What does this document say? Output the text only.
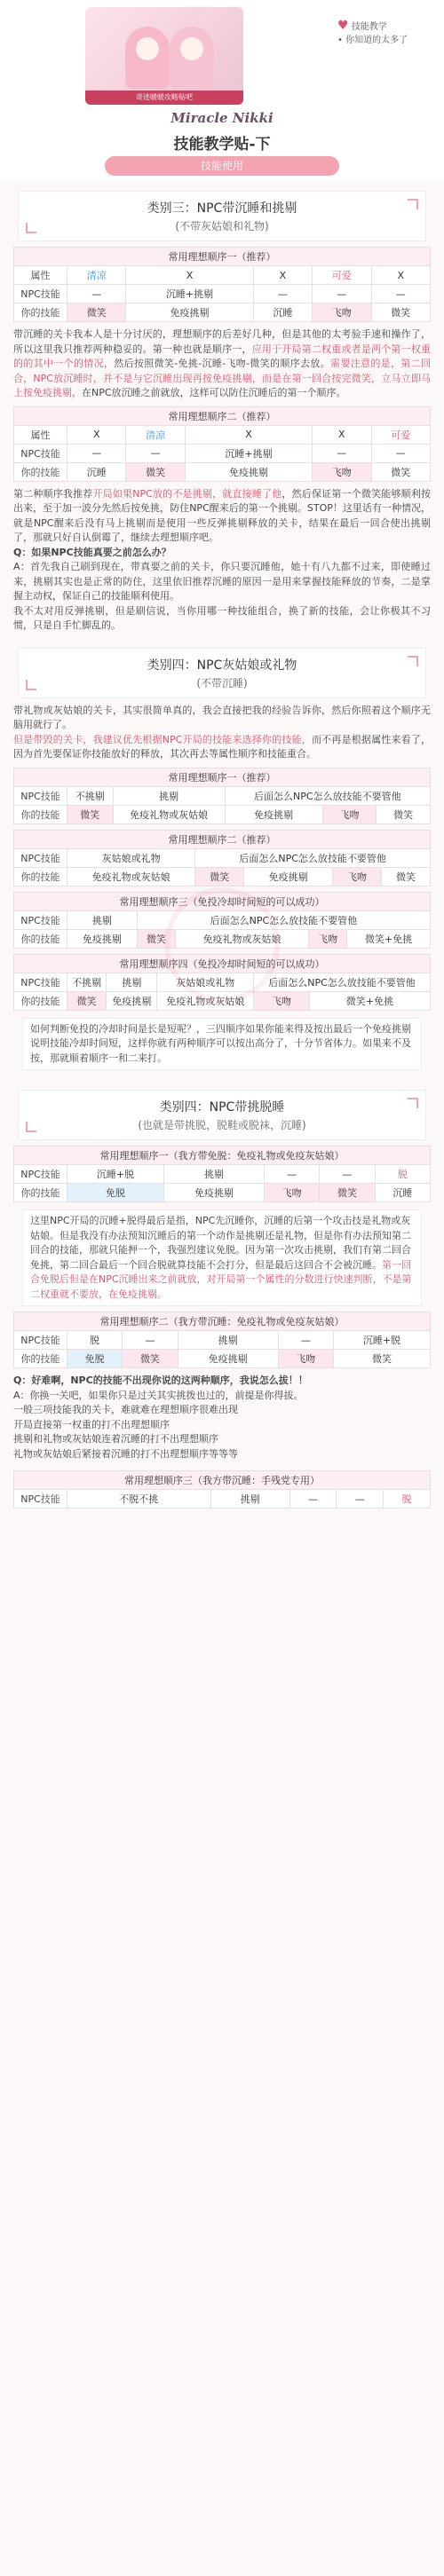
奇迹暖暖攻略贴吧
♥ 技能教学
• 你知道的太多了
Miracle Nikki
技能教学贴-下
技能使用
类别三：NPC带沉睡和挑剔
(不带灰姑娘和礼物)
常用理想顺序一（推荐）					
属性	清凉	X	X	可爱	X
NPC技能	—	沉睡+挑剔	—	—	—
你的技能	微笑	免疫挑剔	沉睡	飞吻	微笑

带沉睡的关卡我本人是十分讨厌的，理想顺序的后差好几种，但是其他的太考验手速和操作了，所以这里我只推荐两种稳妥的。第一种也就是顺序一，应用于开局第二权重或者是两个第一权重的的其中一个的情况，然后按照微笑-免挑-沉睡-飞吻-微笑的顺序去放。需要注意的是，第二回合，NPC放沉睡时，并不是与它沉睡出现再按免疫挑剔，而是在第一回合按完微笑，立马立即马上按免疫挑剔，在NPC放沉睡之前就放，这样可以防住沉睡后的第一个顺序。

常用理想顺序二（推荐）					
属性	X	清凉	X	X	可爱
NPC技能	—	—	沉睡+挑剔	—	—
你的技能	沉睡	微笑	免疫挑剔	飞吻	微笑

第二种顺序我推荐开局如果NPC放的不是挑剔，就直接睡了他，然后保证第一个微笑能够顺利按出来，至于加一波分先然后按免挑，防住NPC醒来后的第一个挑剔。STOP！这里话有一种情况，就是NPC醒来后没有马上挑剔而是使用一些反弹挑剔释放的关卡，结果在最后一回合使出挑剔了，那就只好自认倒霉了，继续去理想顺序吧。
Q：如果NPC技能真要之前怎么办？
A：首先我自己刷到现在，带真要之前的关卡，你只要沉睡他，她十有八九都不过来，即使睡过来，挑剔其实也是正常的防住，这里依旧推荐沉睡的原因一是用来掌握技能释放的节奏，二是掌握主动权，保证自己的技能顺利使用。
我不太对用反弹挑剔，但是刷信说，当你用哪一种技能组合，换了新的技能，会让你极其不习惯，只是自手忙脚乱的。

类别四：NPC灰姑娘或礼物
(不带沉睡)

带礼物或灰姑娘的关卡，其实很简单真的，我会直接把我的经验告诉你，然后你照着这个顺序无脑用就行了。
但是带毁的关卡，我建议优先根据NPC开局的技能来选择你的技能，而不再是根据属性来看了，因为首先要保证你技能放好的释放，其次再去等属性顺序和技能重合。

常用理想顺序一（推荐）					
NPC技能	不挑剔	挑剔	后面怎么NPC怎么放技能不要管他		
你的技能	微笑	免疫礼物或灰姑娘	免疫挑剔	飞吻	微笑
常用理想顺序二（推荐）					
NPC技能	灰姑娘或礼物	后面怎么NPC怎么放技能不要管他			
你的技能	免疫礼物或灰姑娘	微笑	免疫挑剔	飞吻	微笑
常用理想顺序三（免投冷却时间短的可以成功）					
NPC技能	挑剔	后面怎么NPC怎么放技能不要管他			
你的技能	免疫挑剔	微笑	免疫礼物或灰姑娘	飞吻	微笑+免挑
常用理想顺序四（免投冷却时间短的可以成功）					
NPC技能	不挑剔	挑剔	灰姑娘或礼物	后面怎么NPC怎么放技能不要管他	
你的技能	微笑	免疫挑剔	免疫礼物或灰姑娘	飞吻	微笑+免挑

如何判断免投的冷却时间是长是短呢？，三四顺序如果你能来得及按出最后一个免疫挑剔说明技能冷却时间短，这样你就有两种顺序可以按出高分了，十分节省体力。如果来不及按，那就顺着顺序一和二来打。

类别四：NPC带挑脱睡
(也就是带挑脱，脱鞋或脱袜，沉睡)
常用理想顺序一（我方带免脱：免疫礼物或免疫灰姑娘）					
NPC技能	沉睡+脱	挑剔	—	—	脱
你的技能	免脱	免疫挑剔	飞吻	微笑	沉睡

这里NPC开局的沉睡+脱得最后是指，NPC先沉睡你，沉睡的后第一个攻击技是礼物或灰姑娘。但是我没有办法预知沉睡后的第一个动作是挑剔还是礼物，但是你有办法预知第二回合的技能，那就只能押一个，我强烈建议免脱。因为第一次攻击挑剔，我们有第二回合免挑，第二回合最后一个回合脱就算技能不会打分，但是最后这回合不会被沉睡。第一回合免脱后但是在NPC沉睡出来之前就放，对开局第一个属性的分数进行快速判断，不是第二权重就不要放，在免疫挑剔。

常用理想顺序二（我方带沉睡：免疫礼物或免疫灰姑娘）					
NPC技能	脱	—	挑剔	—	沉睡+脱
你的技能	免脱	微笑	免疫挑剔	飞吻	微笑

Q：好难啊，NPC的技能不出现你说的这两种顺序，我说怎么拔！！
A：你换一关吧，如果你只是过关其实挑拨也过的，前提是你得拔。
一般三项技能我的关卡，难就难在理想顺序很难出现
开局直接第一权重的打不出理想顺序
挑剔和礼物或灰姑娘连着沉睡的打不出理想顺序
礼物或灰姑娘后紧接着沉睡的打不出理想顺序等等等

常用理想顺序三（我方带沉睡：手残党专用）
NPC技能	不脱不挑	挑剔	—	—	脱
